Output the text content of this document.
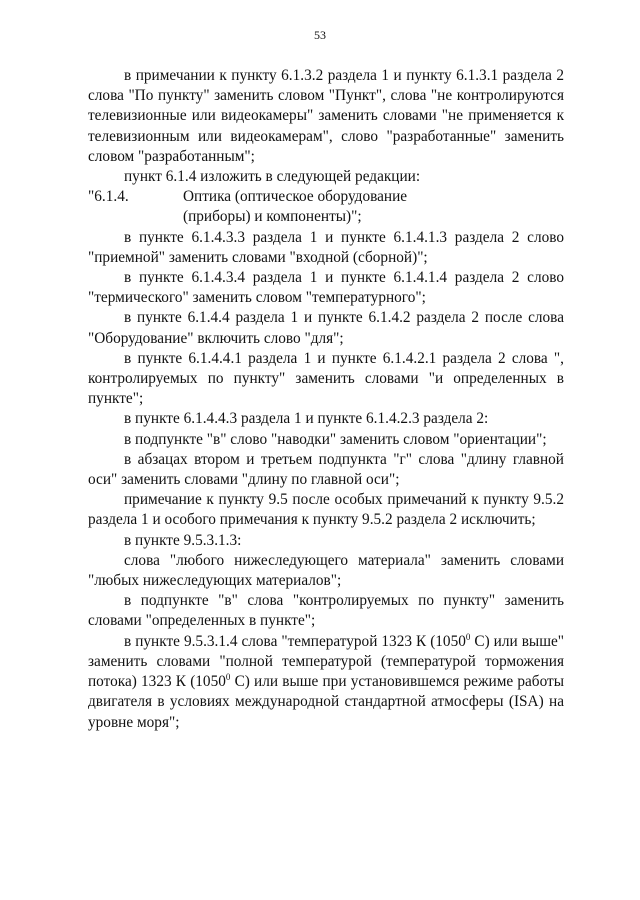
53

в примечании к пункту 6.1.3.2 раздела 1 и пункту 6.1.3.1 раздела 2 слова "По пункту" заменить словом "Пункт", слова "не контролируются телевизионные или видеокамеры" заменить словами "не применяется к телевизионным или видеокамерам", слово "разработанные" заменить словом "разработанным";

пункт 6.1.4 изложить в следующей редакции:

"6.1.4.	Оптика (оптическое оборудование

(приборы) и компоненты)";

в пункте 6.1.4.3.3 раздела 1 и пункте 6.1.4.1.3 раздела 2 слово "приемной" заменить словами "входной (сборной)";

в пункте 6.1.4.3.4 раздела 1 и пункте 6.1.4.1.4 раздела 2 слово "термического" заменить словом "температурного";

в пункте 6.1.4.4 раздела 1 и пункте 6.1.4.2 раздела 2 после слова "Оборудование" включить слово "для";

в пункте 6.1.4.4.1 раздела 1 и пункте 6.1.4.2.1 раздела 2 слова ", контролируемых по пункту" заменить словами "и определенных в пункте";

в пункте 6.1.4.4.3 раздела 1 и пункте 6.1.4.2.3 раздела 2:

в подпункте "в" слово "наводки" заменить словом "ориентации";

в абзацах втором и третьем подпункта "г" слова "длину главной оси" заменить словами "длину по главной оси";

примечание к пункту 9.5 после особых примечаний к пункту 9.5.2 раздела 1 и особого примечания к пункту 9.5.2 раздела 2 исключить;

в пункте 9.5.3.1.3:

слова "любого нижеследующего материала" заменить словами "любых нижеследующих материалов";

в подпункте "в" слова "контролируемых по пункту" заменить словами "определенных в пункте";

в пункте 9.5.3.1.4 слова "температурой 1323 К (1050$^0$ С) или выше" заменить словами "полной температурой (температурой торможения потока) 1323 К (1050$^0$ С) или выше при установившемся режиме работы двигателя в условиях международной стандартной атмосферы (ISA) на уровне моря";
